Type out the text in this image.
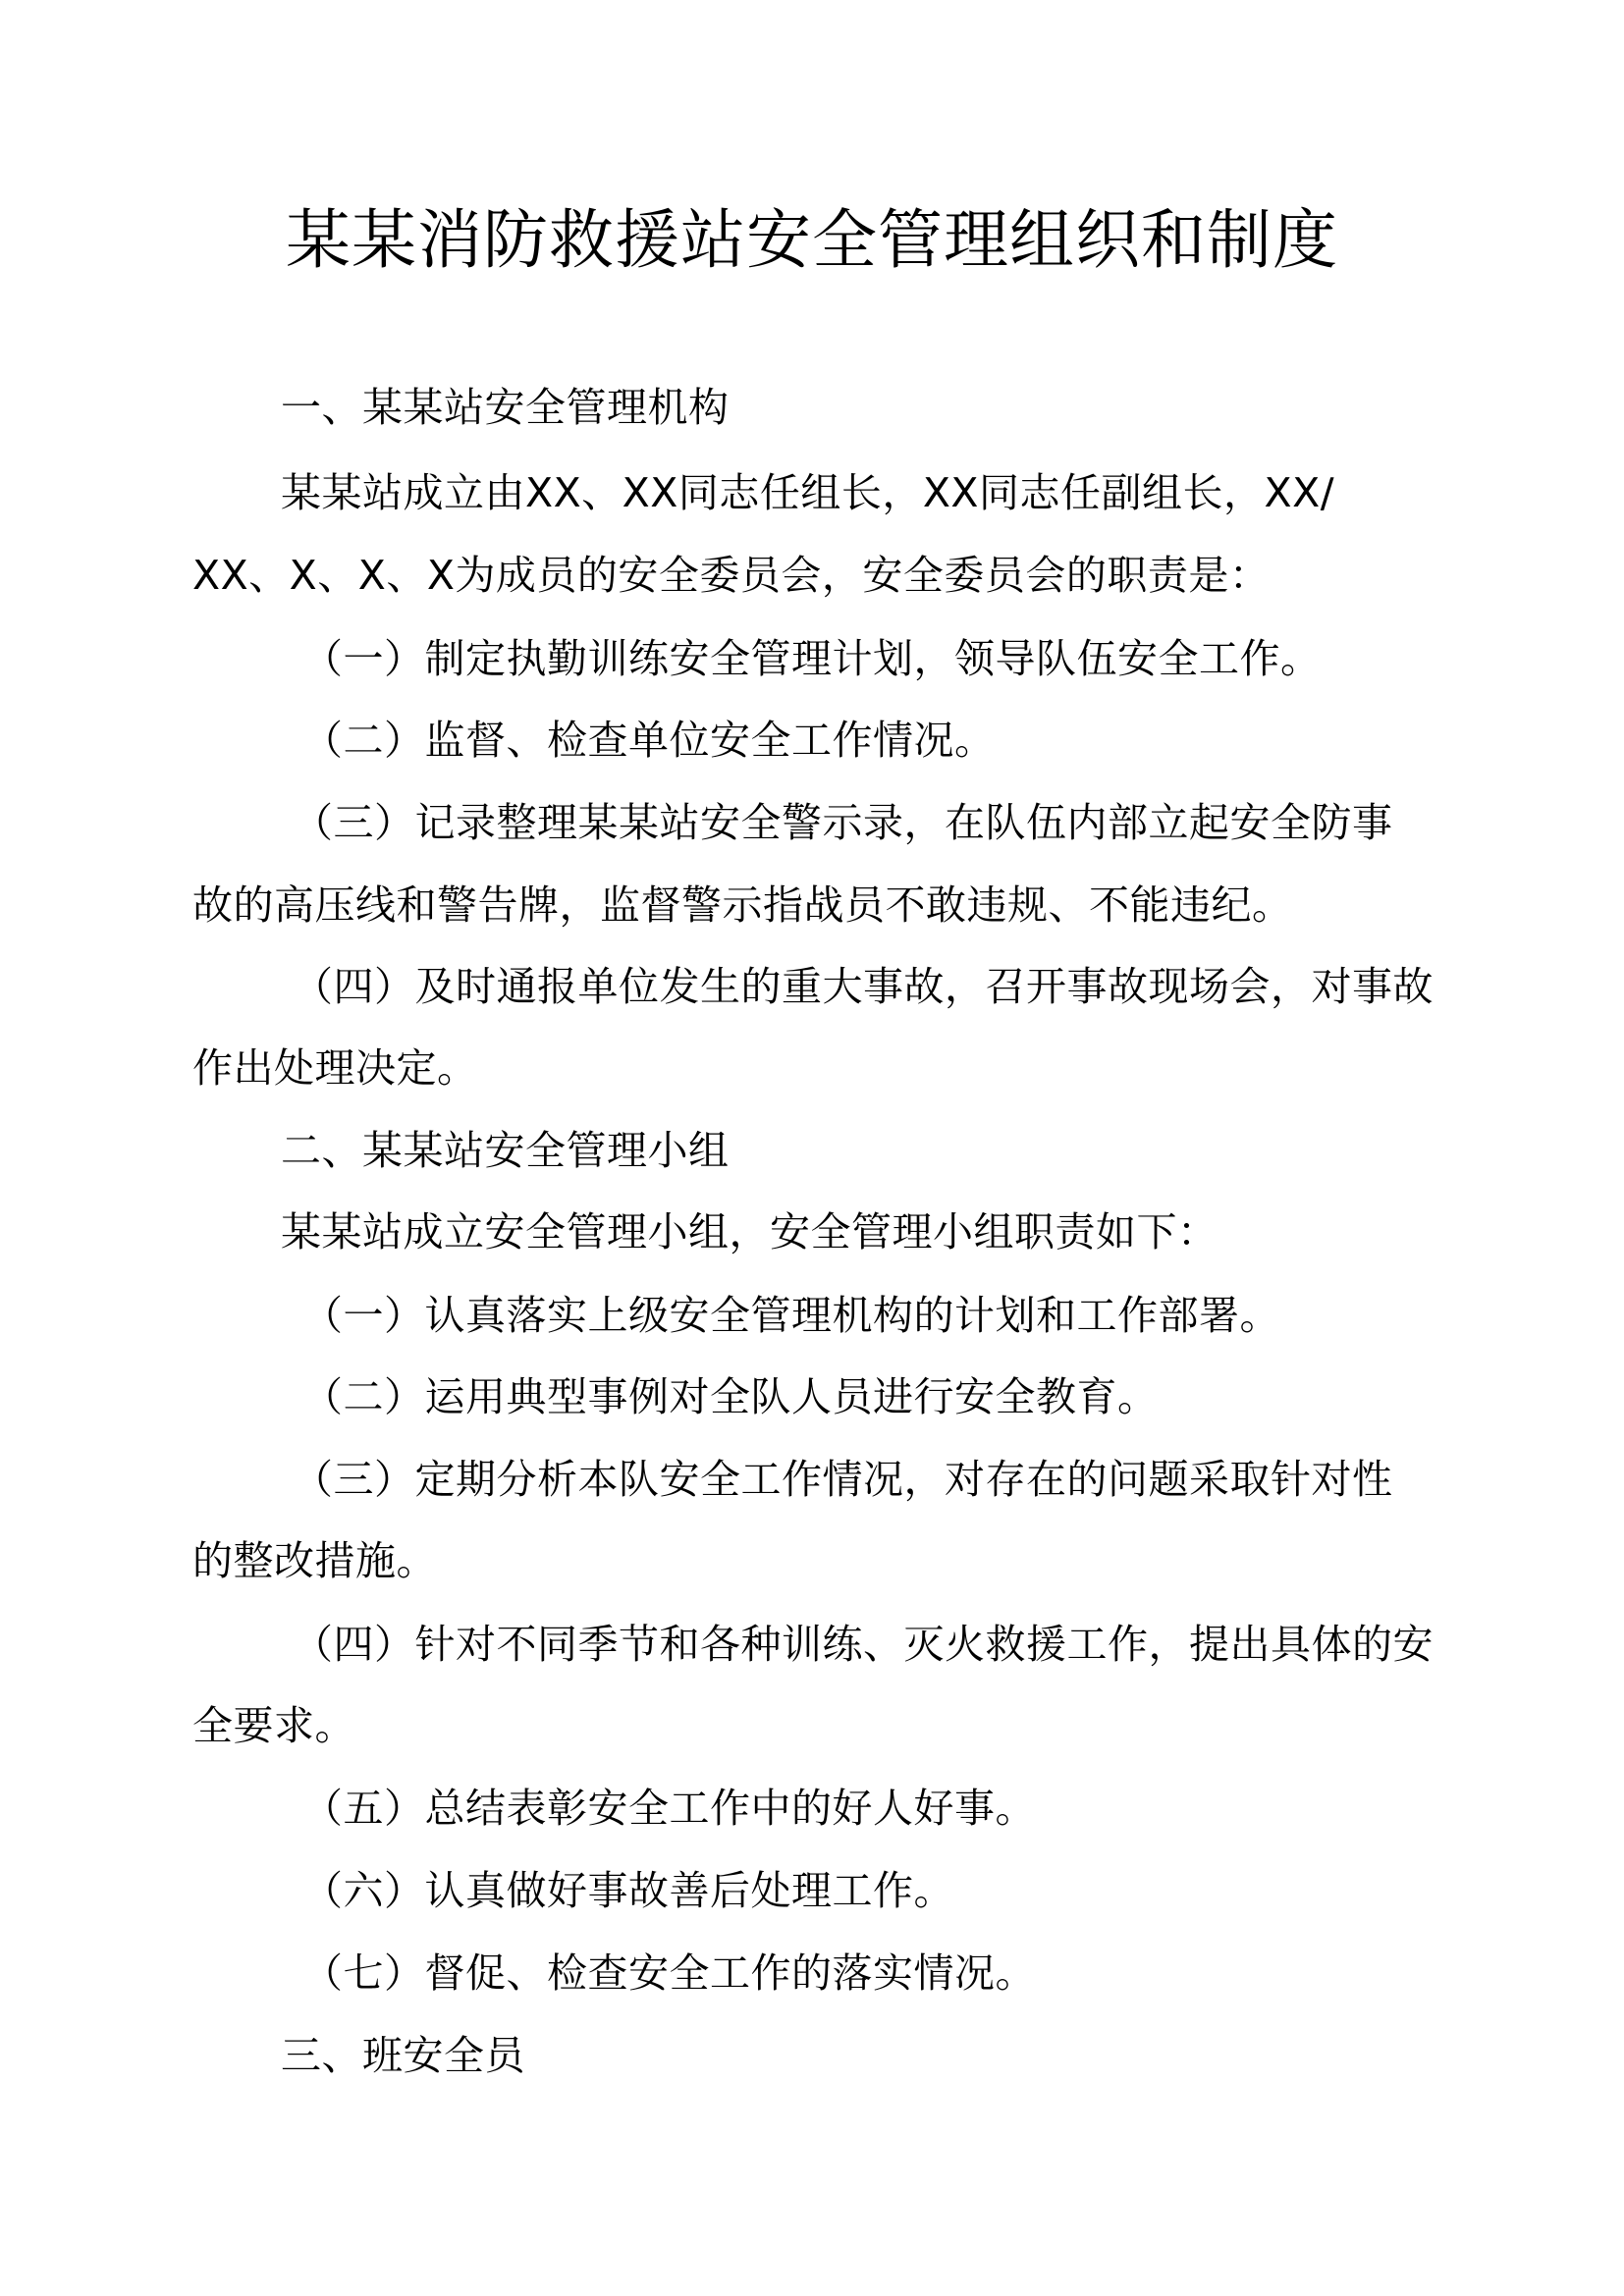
某某消防救援站安全管理组织和制度
一、某某站安全管理机构
某某站成立由XX、XX同志任组长，XX同志任副组长，XX/
XX、X、X、X为成员的安全委员会，安全委员会的职责是：
（一）制定执勤训练安全管理计划，领导队伍安全工作。
（二）监督、检查单位安全工作情况。
（三）记录整理某某站安全警示录，在队伍内部立起安全防事
故的高压线和警告牌，监督警示指战员不敢违规、不能违纪。
（四）及时通报单位发生的重大事故，召开事故现场会，对事故
作出处理决定。
二、某某站安全管理小组
某某站成立安全管理小组，安全管理小组职责如下：
（一）认真落实上级安全管理机构的计划和工作部署。
（二）运用典型事例对全队人员进行安全教育。
（三）定期分析本队安全工作情况，对存在的问题采取针对性
的整改措施。
（四）针对不同季节和各种训练、灭火救援工作，提出具体的安
全要求。
（五）总结表彰安全工作中的好人好事。
（六）认真做好事故善后处理工作。
（七）督促、检查安全工作的落实情况。
三、班安全员
